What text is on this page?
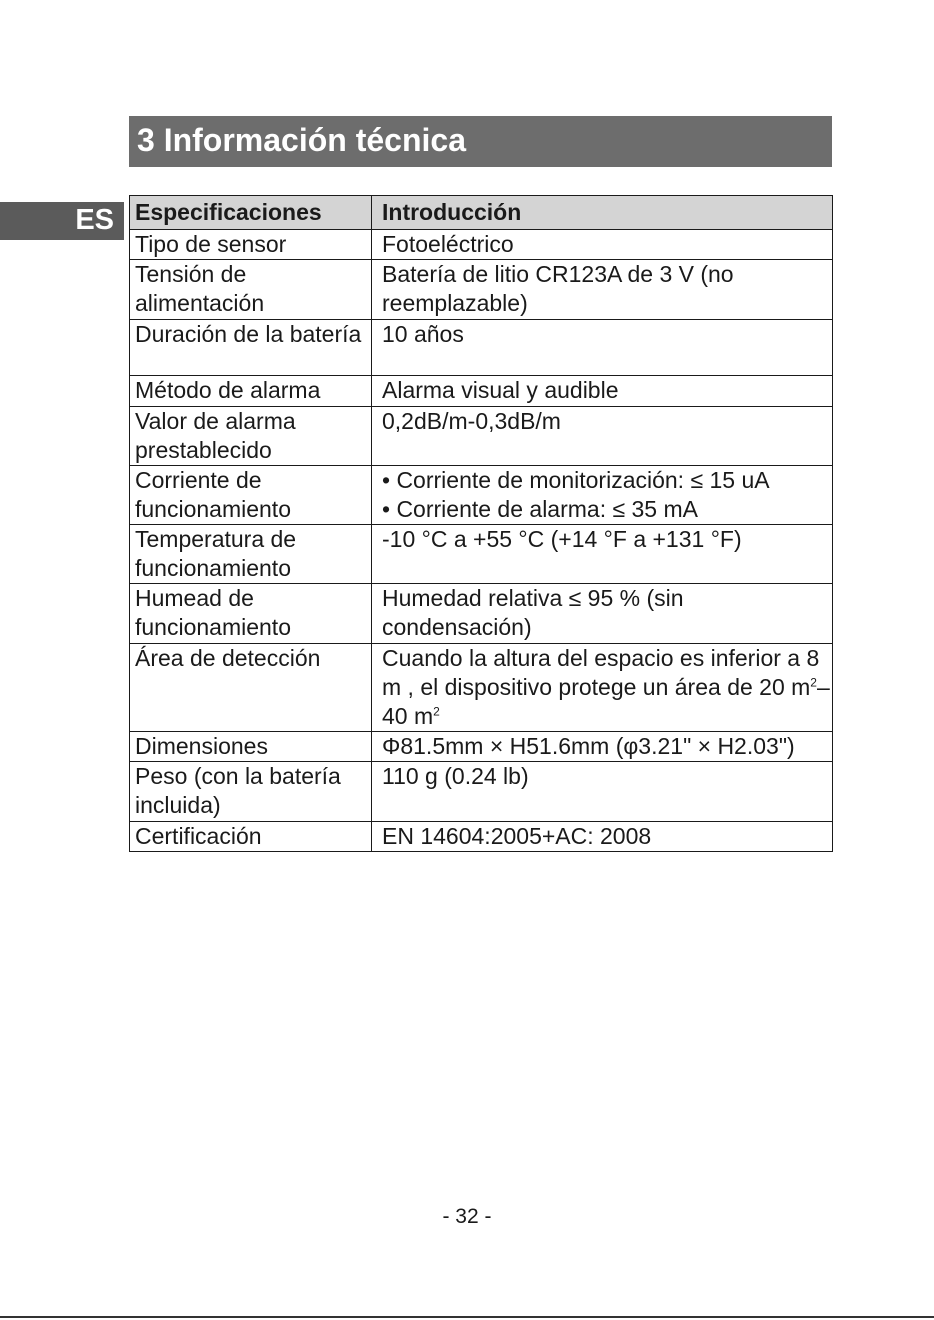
ES
3 Información técnica
Especificaciones	Introducción
Tipo de sensor	Fotoeléctrico
Tensión de alimentación	Batería de litio CR123A de 3 V (no reemplazable)
Duración de la batería	10 años
Método de alarma	Alarma visual y audible
Valor de alarma prestablecido	0,2dB/m-0,3dB/m
Corriente de funcionamiento	• Corriente de monitorización: ≤ 15 uA
• Corriente de alarma: ≤ 35 mA

Temperatura de funcionamiento	-10 °C a +55 °C (+14 °F a +131 °F)
Humead de funcionamiento	Humedad relativa ≤ 95 % (sin condensación)
Área de detección	Cuando la altura del espacio es inferior a 8 m , el dispositivo protege un área de 20 $m^2-40$ $m^2$
Dimensiones	Φ81.5mm × H51.6mm (φ3.21" × H2.03")
Peso (con la batería incluida)	110 g (0.24 lb)
Certificación	EN 14604:2005+AC: 2008
- 32 -
